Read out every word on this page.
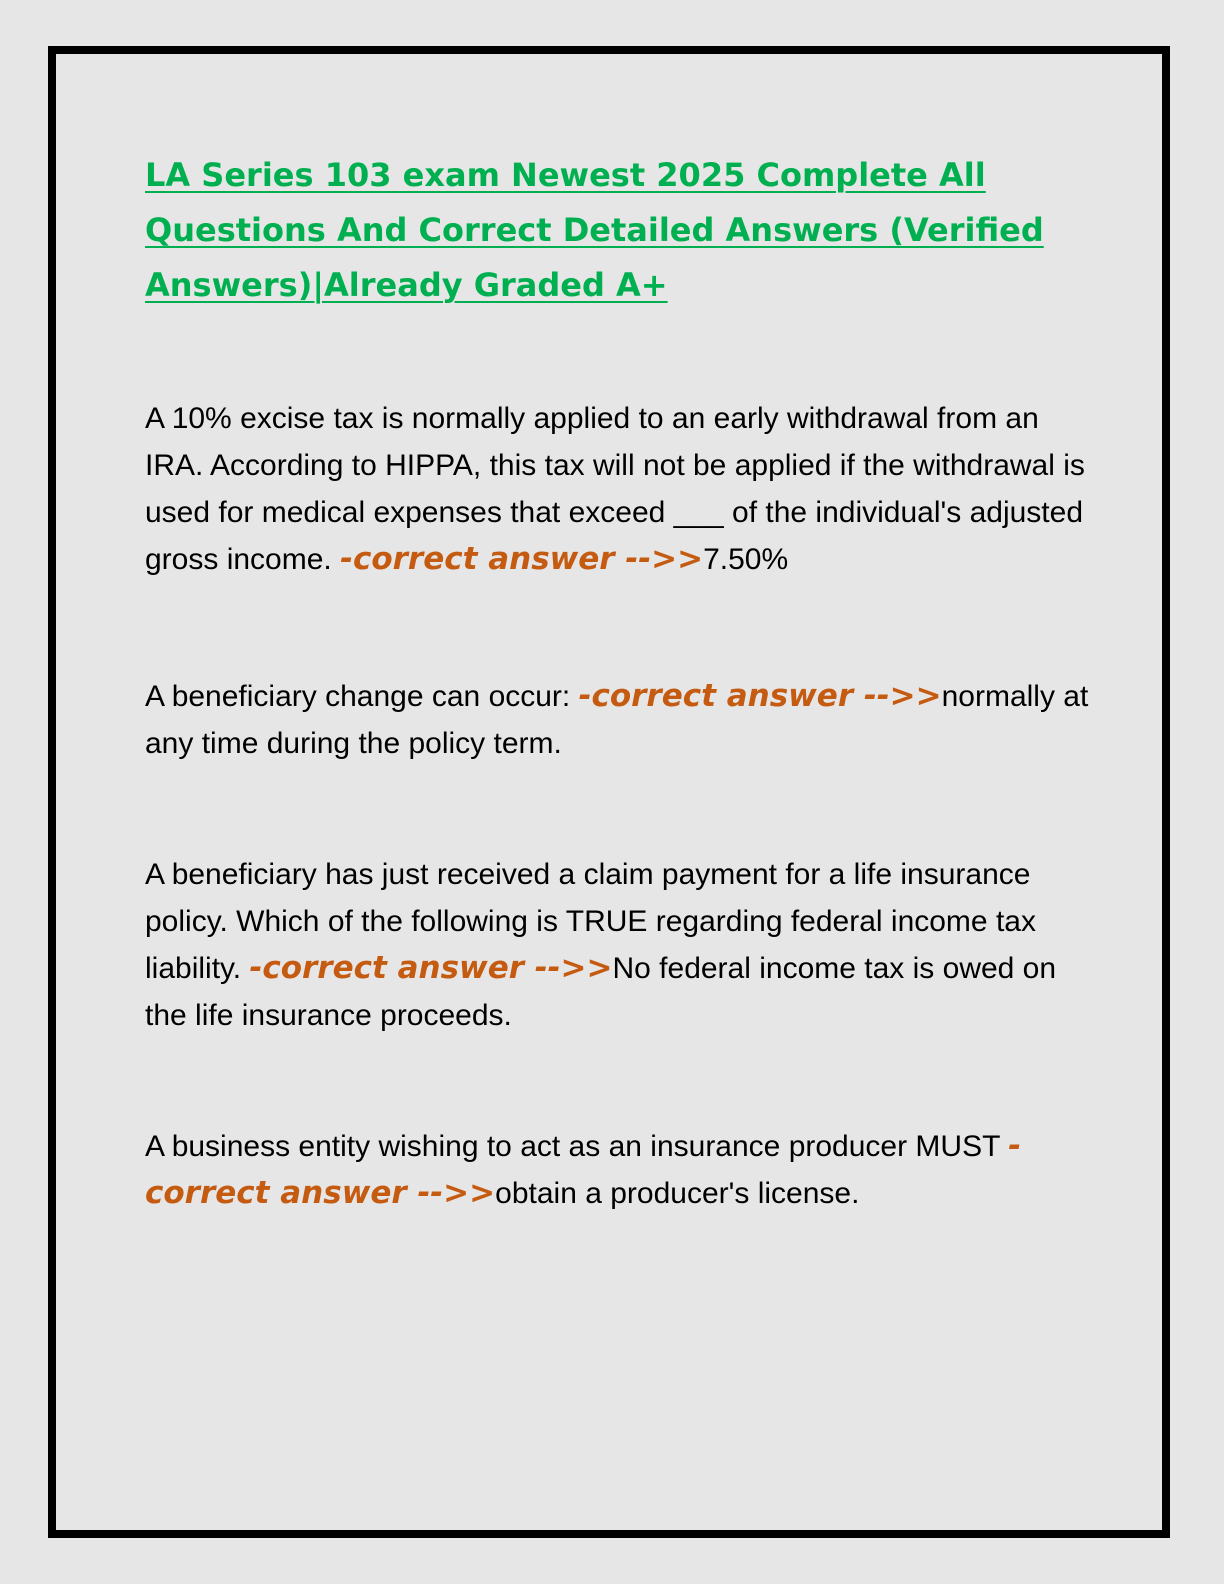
LA Series 103 exam Newest 2025 Complete All Questions And Correct Detailed Answers (Verified Answers)|Already Graded A+

A 10% excise tax is normally applied to an early withdrawal from an IRA. According to HIPPA, this tax will not be applied if the withdrawal is used for medical expenses that exceed ___ of the individual's adjusted gross income. -correct answer -->>7.50%

A beneficiary change can occur: -correct answer -->>normally at any time during the policy term.

A beneficiary has just received a claim payment for a life insurance policy. Which of the following is TRUE regarding federal income tax liability. -correct answer -->>No federal income tax is owed on the life insurance proceeds.

A business entity wishing to act as an insurance producer MUST -correct answer -->>obtain a producer's license.
